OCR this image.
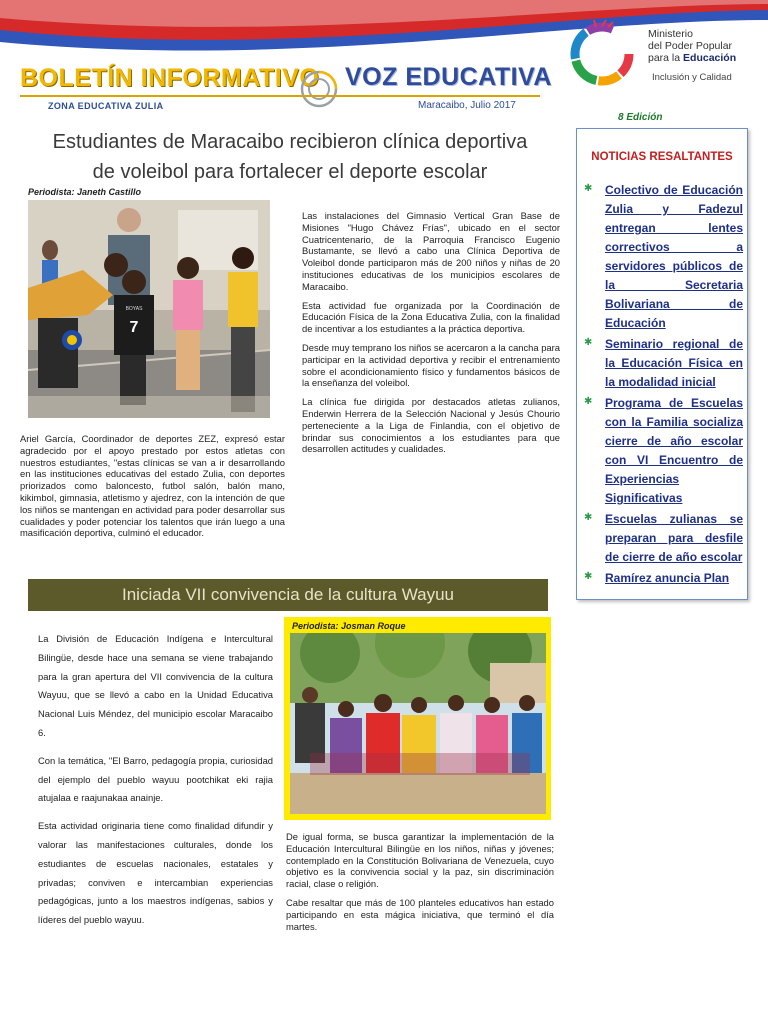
BOLETÍN INFORMATIVO VOZ EDUCATIVA
ZONA EDUCATIVA ZULIA	Maracaibo, Julio 2017
Ministerio
del Poder Popular
para la Educación
Inclusión y Calidad
8 Edición
Estudiantes de Maracaibo recibieron clínica deportiva
de voleibol para fortalecer el deporte escolar
Periodista: Janeth Castillo
7
BOYAS

Ariel García, Coordinador de deportes ZEZ, expresó estar agradecido por el apoyo prestado por estos atletas con nuestros estudiantes, "estas clínicas se van a ir desarrollando en las instituciones educativas del estado Zulia, con deportes priorizados como baloncesto, futbol salón, balón mano, kikimbol, gimnasia, atletismo y ajedrez, con la intención de que los niños se mantengan en actividad para poder desarrollar sus cualidades y poder potenciar los talentos que irán luego a una masificación deportiva, culminó el educador.

Las instalaciones del Gimnasio Vertical Gran Base de Misiones "Hugo Chávez Frías", ubicado en el sector Cuatricentenario, de la Parroquia Francisco Eugenio Bustamante, se llevó a cabo una Clínica Deportiva de Voleibol donde participaron más de 200 niños y niñas de 20 instituciones educativas de los municipios escolares de Maracaibo.

Esta actividad fue organizada por la Coordinación de Educación Física de la Zona Educativa Zulia, con la finalidad de incentivar a los estudiantes a la práctica deportiva.

Desde muy temprano los niños se acercaron a la cancha para participar en la actividad deportiva y recibir el entrenamiento sobre el acondicionamiento físico y fundamentos básicos de la enseñanza del voleibol.

La clínica fue dirigida por destacados atletas zulianos, Enderwin Herrera de la Selección Nacional y Jesús Chourio perteneciente a la Liga de Finlandia, con el objetivo de brindar sus conocimientos a los estudiantes para que desarrollen actitudes y cualidades.

NOTICIAS RESALTANTES
✱ Colectivo de Educación Zulia y Fadezul entregan lentes correctivos a servidores públicos de la Secretaria Bolivariana de Educación
✱ Seminario regional de la Educación Física en la modalidad inicial
✱ Programa de Escuelas con la Familia socializa cierre de año escolar con VI Encuentro de Experiencias Significativas
✱ Escuelas zulianas se preparan para desfile de cierre de año escolar
✱ Ramírez anuncia Plan
Iniciada VII convivencia de la cultura Wayuu

La División de Educación Indígena e Intercultural Bilingüe, desde hace una semana se viene trabajando para la gran apertura del VII convivencia de la cultura Wayuu, que se llevó a cabo en la Unidad Educativa Nacional Luis Méndez, del municipio escolar Maracaibo 6.

Con la temática, "El Barro, pedagogía propia, curiosidad del ejemplo del pueblo wayuu pootchikat eki rajia atujalaa e raajunakaa anainje.

Esta actividad originaria tiene como finalidad difundir y valorar las manifestaciones culturales, donde los estudiantes de escuelas nacionales, estatales y privadas; conviven e intercambian experiencias pedagógicas, junto a los maestros indígenas, sabios y líderes del pueblo wayuu.

Periodista: Josman Roque

De igual forma, se busca garantizar la implementación de la Educación Intercultural Bilingüe en los niños, niñas y jóvenes; contemplado en la Constitución Bolivariana de Venezuela, cuyo objetivo es la convivencia social y la paz, sin discriminación racial, clase o religión.

Cabe resaltar que más de 100 planteles educativos han estado participando en esta mágica iniciativa, que terminó el día martes.
